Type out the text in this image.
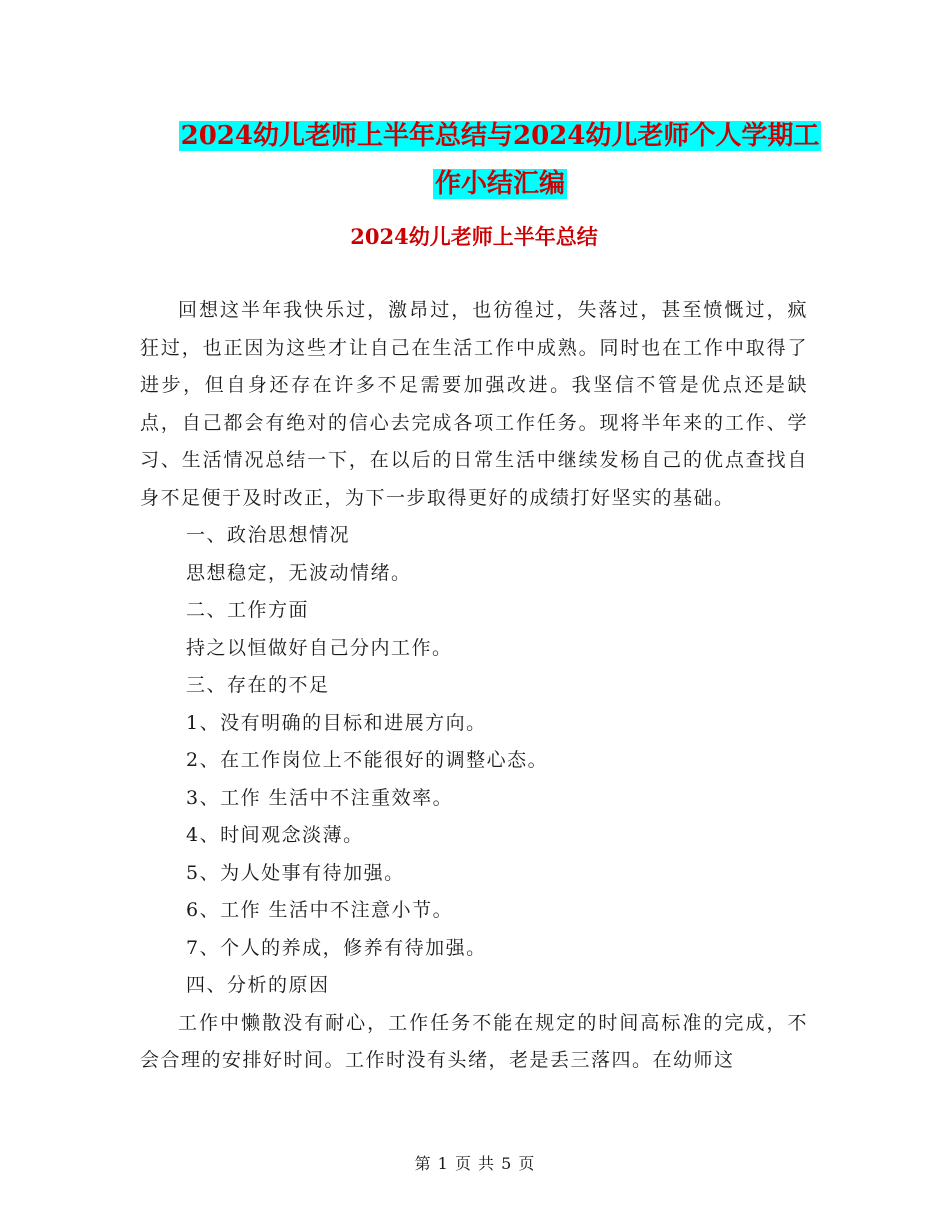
2024幼儿老师上半年总结与2024幼儿老师个人学期工
作小结汇编
2024幼儿老师上半年总结

回想这半年我快乐过，激昂过，也彷徨过，失落过，甚至愤慨过，疯狂过，也正因为这些才让自己在生活工作中成熟。同时也在工作中取得了进步，但自身还存在许多不足需要加强改进。我坚信不管是优点还是缺点，自己都会有绝对的信心去完成各项工作任务。现将半年来的工作、学习、生活情况总结一下，在以后的日常生活中继续发杨自己的优点查找自身不足便于及时改正，为下一步取得更好的成绩打好坚实的基础。

一、政治思想情况

思想稳定，无波动情绪。

二、工作方面

持之以恒做好自己分内工作。

三、存在的不足

1、没有明确的目标和进展方向。

2、在工作岗位上不能很好的调整心态。

3、工作 生活中不注重效率。

4、时间观念淡薄。

5、为人处事有待加强。

6、工作 生活中不注意小节。

7、个人的养成，修养有待加强。

四、分析的原因

工作中懒散没有耐心，工作任务不能在规定的时间高标准的完成，不会合理的安排好时间。工作时没有头绪，老是丢三落四。在幼师这

第 1 页 共 5 页
